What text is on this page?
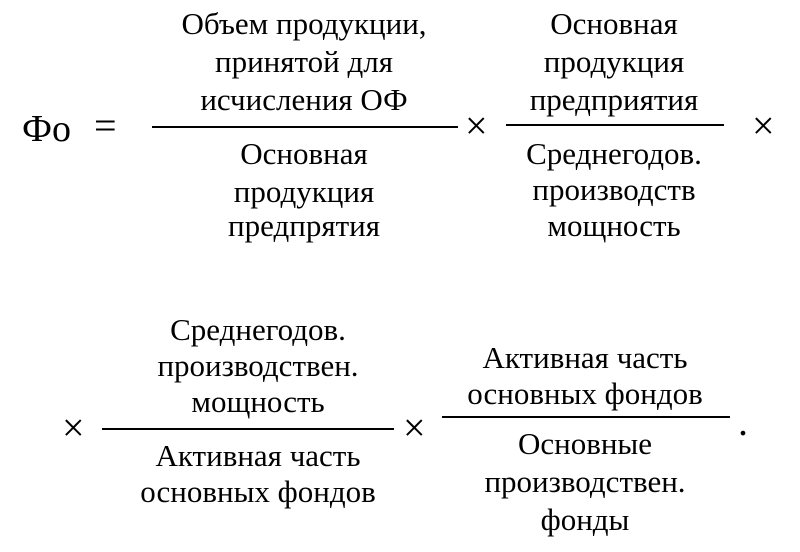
Фо =
Объем продукции,
принятой для
исчисления ОФ
Основная
продукция
предпрятия
×
Основная
продукция
предприятия
Среднегодов.
производств
мощность
×
×
Среднегодов.
производствен.
мощность
Активная часть
основных фондов
×
Активная часть
основных фондов
Основные
производствен.
фонды
.
